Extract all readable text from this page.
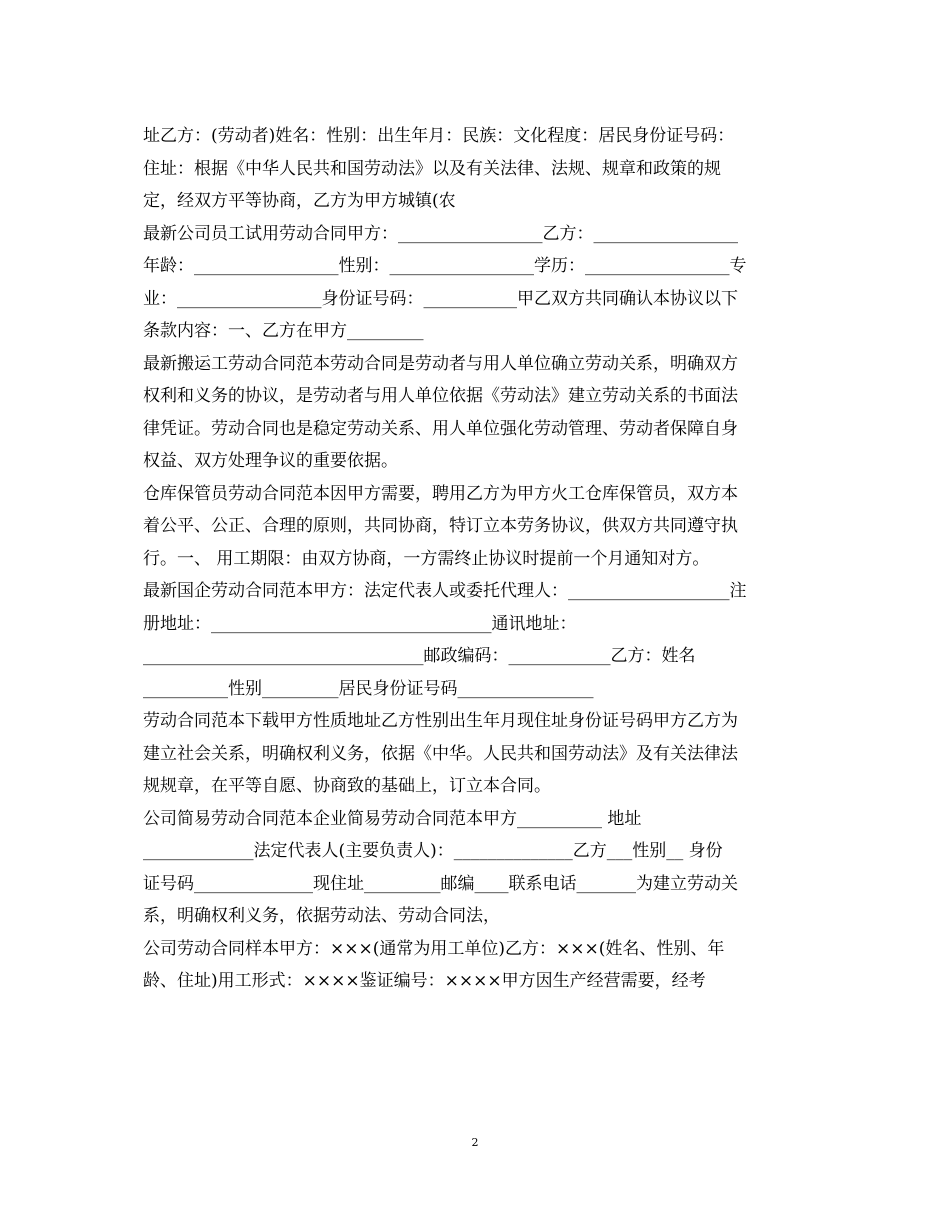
址乙方：(劳动者)姓名：性别：出生年月：民族：文化程度：居民身份证号码：
住址：根据《中华人民共和国劳动法》以及有关法律、法规、规章和政策的规
定，经双方平等协商，乙方为甲方城镇(农
最新公司员工试用劳动合同甲方：_________________乙方：_________________
年龄：_________________性别：_________________学历：_________________专
业：_________________身份证号码：___________甲乙双方共同确认本协议以下
条款内容：一、乙方在甲方_________
最新搬运工劳动合同范本劳动合同是劳动者与用人单位确立劳动关系，明确双方
权利和义务的协议，是劳动者与用人单位依据《劳动法》建立劳动关系的书面法
律凭证。劳动合同也是稳定劳动关系、用人单位强化劳动管理、劳动者保障自身
权益、双方处理争议的重要依据。
仓库保管员劳动合同范本因甲方需要，聘用乙方为甲方火工仓库保管员，双方本
着公平、公正、合理的原则，共同协商，特订立本劳务协议，供双方共同遵守执
行。一、 用工期限：由双方协商，一方需终止协议时提前一个月通知对方。
最新国企劳动合同范本甲方：法定代表人或委托代理人：___________________注
册地址：_________________________________通讯地址：
_________________________________邮政编码：____________乙方：姓名
__________性别_________居民身份证号码________________
劳动合同范本下载甲方性质地址乙方性别出生年月现住址身份证号码甲方乙方为
建立社会关系，明确权利义务，依据《中华。人民共和国劳动法》及有关法律法
规规章，在平等自愿、协商致的基础上，订立本合同。
公司简易劳动合同范本企业简易劳动合同范本甲方__________ 地址
_____________法定代表人(主要负责人)：______________乙方___性别__ 身份
证号码______________现住址_________邮编____联系电话_______为建立劳动关
系，明确权利义务，依据劳动法、劳动合同法，
公司劳动合同样本甲方：×××(通常为用工单位)乙方：×××(姓名、性别、年
龄、住址)用工形式：××××鉴证编号：××××甲方因生产经营需要，经考
2
